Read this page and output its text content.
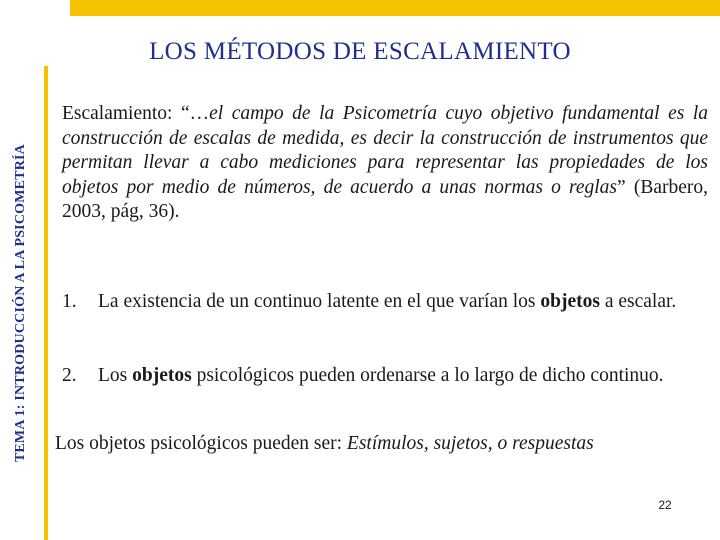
TEMA 1: INTRODUCCIÓN A LA PSICOMETRÍA
LOS MÉTODOS DE ESCALAMIENTO

Escalamiento: “…el campo de la Psicometría cuyo objetivo fundamental es la construcción de escalas de medida, es decir la construcción de instrumentos que permitan llevar a cabo mediciones para representar las propiedades de los objetos por medio de números, de acuerdo a unas normas o reglas” (Barbero, 2003, pág, 36).

1. La existencia de un continuo latente en el que varían los objetos a escalar.
2. Los objetos psicológicos pueden ordenarse a lo largo de dicho continuo.
Los objetos psicológicos pueden ser: Estímulos, sujetos, o respuestas
22
